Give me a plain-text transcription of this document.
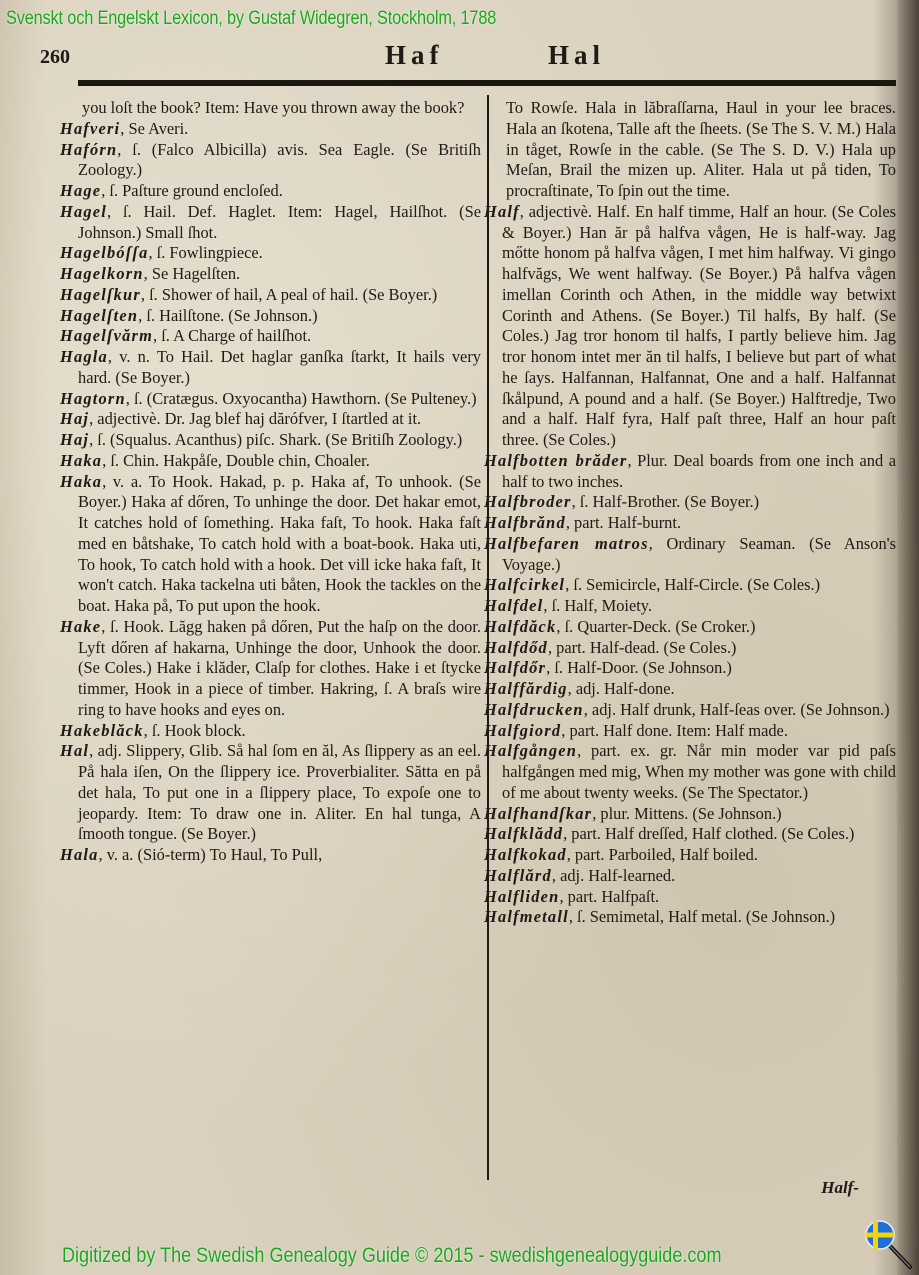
Svenskt och Engelskt Lexicon, by Gustaf Widegren, Stockholm, 1788
260	Haf	Hal

you loſt the book? Item: Have you thrown away the book?

Hafveri, Se Averi.

Hafórn, ſ. (Falco Albicilla) avis. Sea Eagle. (Se Britiſh Zoology.)

Hage, ſ. Paſture ground encloſed.

Hagel, ſ. Hail. Def. Haglet. Item: Hagel, Hailſhot. (Se Johnson.) Small ſhot.

Hagelbóſſa, ſ. Fowlingpiece.

Hagelkorn, Se Hagelſten.

Hagelſkur, ſ. Shower of hail, A peal of hail. (Se Boyer.)

Hagelſten, ſ. Hailſtone. (Se Johnson.)

Hagelſvărm, ſ. A Charge of hailſhot.

Hagla, v. n. To Hail. Det haglar ganſka ſtarkt, It hails very hard. (Se Boyer.)

Hagtorn, ſ. (Cratægus. Oxyocantha) Hawthorn. (Se Pulteney.)

Haj, adjectivè. Dr. Jag blef haj dărófver, I ſtartled at it.

Haj, ſ. (Squalus. Acanthus) piſc. Shark. (Se Britiſh Zoology.)

Haka, ſ. Chin. Hakpåſe, Double chin, Choaler.

Haka, v. a. To Hook. Hakad, p. p. Haka af, To unhook. (Se Boyer.) Haka af dőren, To unhinge the door. Det hakar emot, It catches hold of ſomething. Haka faſt, To hook. Haka faſt med en båtshake, To catch hold with a boat-book. Haka uti, To hook, To catch hold with a hook. Det vill icke haka faſt, It won't catch. Haka tackelna uti båten, Hook the tackles on the boat. Haka på, To put upon the hook.

Hake, ſ. Hook. Lăgg haken på dőren, Put the haſp on the door. Lyft dőren af hakarna, Unhinge the door, Unhook the door. (Se Coles.) Hake i klăder, Claſp for clothes. Hake i et ſtycke timmer, Hook in a piece of timber. Hakring, ſ. A braſs wire ring to have hooks and eyes on.

Hakeblăck, ſ. Hook block.

Hal, adj. Slippery, Glib. Så hal ſom en ăl, As ſlippery as an eel. På hala iſen, On the ſlippery ice. Proverbialiter. Sătta en på det hala, To put one in a ſlippery place, To expoſe one to jeopardy. Item: To draw one in. Aliter. En hal tunga, A ſmooth tongue. (Se Boyer.)

Hala, v. a. (Sió-term) To Haul, To Pull,

To Rowſe. Hala in lăbraſſarna, Haul in your lee braces. Hala an ſkotena, Talle aft the ſheets. (Se The S. V. M.) Hala in tåget, Rowſe in the cable. (Se The S. D. V.) Hala up Meſan, Brail the mizen up. Aliter. Hala ut på tiden, To procraſtinate, To ſpin out the time.

Half, adjectivè. Half. En half timme, Half an hour. (Se Coles & Boyer.) Han ăr på halfva vågen, He is half-way. Jag mőtte honom på halfva vågen, I met him halfway. Vi gingo halfvăgs, We went halfway. (Se Boyer.) På halfva vågen imellan Corinth och Athen, in the middle way betwixt Corinth and Athens. (Se Boyer.) Til halfs, By half. (Se Coles.) Jag tror honom til halfs, I partly believe him. Jag tror honom intet mer ăn til halfs, I believe but part of what he ſays. Halfannan, Halfannat, One and a half. Halfannat ſkålpund, A pound and a half. (Se Boyer.) Halftredje, Two and a half. Half fyra, Half paſt three, Half an hour paſt three. (Se Coles.)

Halfbotten brăder, Plur. Deal boards from one inch and a half to two inches.

Halfbroder, ſ. Half-Brother. (Se Boyer.)

Halfbrănd, part. Half-burnt.

Halfbefaren matros, Ordinary Seaman. (Se Anson's Voyage.)

Halfcirkel, ſ. Semicircle, Half-Circle. (Se Coles.)

Halfdel, ſ. Half, Moiety.

Halfdăck, ſ. Quarter-Deck. (Se Croker.)

Halfdőd, part. Half-dead. (Se Coles.)

Halfdőr, ſ. Half-Door. (Se Johnson.)

Halffărdig, adj. Half-done.

Halfdrucken, adj. Half drunk, Half-ſeas over. (Se Johnson.)

Halfgiord, part. Half done. Item: Half made.

Halfgången, part. ex. gr. Når min moder var pid paſs halfgången med mig, When my mother was gone with child of me about twenty weeks. (Se The Spectator.)

Halfhandſkar, plur. Mittens. (Se Johnson.)

Halfklădd, part. Half dreſſed, Half clothed. (Se Coles.)

Halfkokad, part. Parboiled, Half boiled.

Halflărd, adj. Half-learned.

Halfliden, part. Halfpaſt.

Halfmetall, ſ. Semimetal, Half metal. (Se Johnson.)

Half-
Digitized by The Swedish Genealogy Guide © 2015 - swedishgenealogyguide.com
